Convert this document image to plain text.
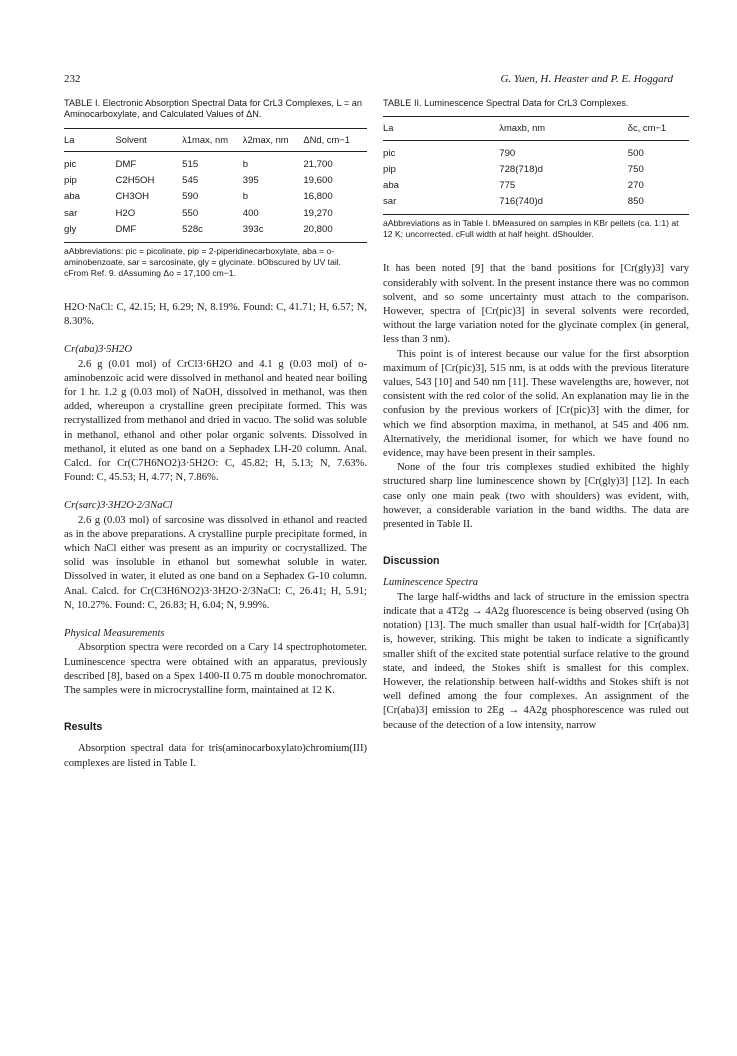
232	G. Yuen, H. Heaster and P. E. Hoggard
TABLE I. Electronic Absorption Spectral Data for CrL3 Complexes, L = an Aminocarboxylate, and Calculated Values of ΔN.
La	Solvent	λ1max, nm	λ2max, nm	ΔNd, cm−1
pic	DMF	515	b	21,700
pip	C2H5OH	545	395	19,600
aba	CH3OH	590	b	16,800
sar	H2O	550	400	19,270
gly	DMF	528c	393c	20,800
aAbbreviations: pic = picolinate, pip = 2-piperidinecarboxylate, aba = o-aminobenzoate, sar = sarcosinate, gly = glycinate. bObscured by UV tail. cFrom Ref. 9. dAssuming Δo = 17,100 cm−1.

H2O·NaCl: C, 42.15; H, 6.29; N, 8.19%. Found: C, 41.71; H, 6.57; N, 8.30%.

Cr(aba)3·5H2O

2.6 g (0.01 mol) of CrCl3·6H2O and 4.1 g (0.03 mol) of o-aminobenzoic acid were dissolved in methanol and heated near boiling for 1 hr. 1.2 g (0.03 mol) of NaOH, dissolved in methanol, was then added, whereupon a crystalline green precipitate formed. This was recrystallized from methanol and dried in vacuo. The solid was soluble in methanol, ethanol and other polar organic solvents. Dissolved in methanol, it eluted as one band on a Sephadex LH-20 column. Anal. Calcd. for Cr(C7H6NO2)3·5H2O: C, 45.82; H, 5.13; N, 7.63%. Found: C, 45.53; H, 4.77; N, 7.86%.

Cr(sarc)3·3H2O·2/3NaCl

2.6 g (0.03 mol) of sarcosine was dissolved in ethanol and reacted as in the above preparations. A crystalline purple precipitate formed, in which NaCl either was present as an impurity or cocrystallized. The solid was insoluble in ethanol but somewhat soluble in water. Dissolved in water, it eluted as one band on a Sephadex G-10 column. Anal. Calcd. for Cr(C3H6NO2)3·3H2O·2/3NaCl: C, 26.41; H, 5.91; N, 10.27%. Found: C, 26.83; H, 6.04; N, 9.99%.

Physical Measurements

Absorption spectra were recorded on a Cary 14 spectrophotometer. Luminescence spectra were obtained with an apparatus, previously described [8], based on a Spex 1400-II 0.75 m double monochromator. The samples were in microcrystalline form, maintained at 12 K.

Results

Absorption spectral data for tris(aminocarboxylato)chromium(III) complexes are listed in Table I.

TABLE II. Luminescence Spectral Data for CrL3 Complexes.
La	λmaxb, nm	δc, cm−1
pic	790	500
pip	728(718)d	750
aba	775	270
sar	716(740)d	850
aAbbreviations as in Table I. bMeasured on samples in KBr pellets (ca. 1:1) at 12 K; uncorrected. cFull width at half height. dShoulder.

It has been noted [9] that the band positions for [Cr(gly)3] vary considerably with solvent. In the present instance there was no common solvent, and so some uncertainty must attach to the comparison. However, spectra of [Cr(pic)3] in several solvents were recorded, without the large variation noted for the glycinate complex (in general, less than 3 nm).

This point is of interest because our value for the first absorption maximum of [Cr(pic)3], 515 nm, is at odds with the previous literature values, 543 [10] and 540 nm [11]. These wavelengths are, however, not consistent with the red color of the solid. An explanation may lie in the confusion by the previous workers of [Cr(pic)3] with the dimer, for which we find absorption maxima, in methanol, at 545 and 406 nm. Alternatively, the meridional isomer, for which we have found no evidence, may have been present in their samples.

None of the four tris complexes studied exhibited the highly structured sharp line luminescence shown by [Cr(gly)3] [12]. In each case only one main peak (two with shoulders) was evident, with, however, a considerable variation in the band widths. The data are presented in Table II.

Discussion

Luminescence Spectra

The large half-widths and lack of structure in the emission spectra indicate that a 4T2g → 4A2g fluorescence is being observed (using Oh notation) [13]. The much smaller than usual half-width for [Cr(aba)3] is, however, striking. This might be taken to indicate a significantly smaller shift of the excited state potential surface relative to the ground state, and indeed, the Stokes shift is smallest for this complex. However, the relationship between half-widths and Stokes shift is not well defined among the four complexes. An assignment of the [Cr(aba)3] emission to 2Eg → 4A2g phosphorescence was ruled out because of the detection of a low intensity, narrow
